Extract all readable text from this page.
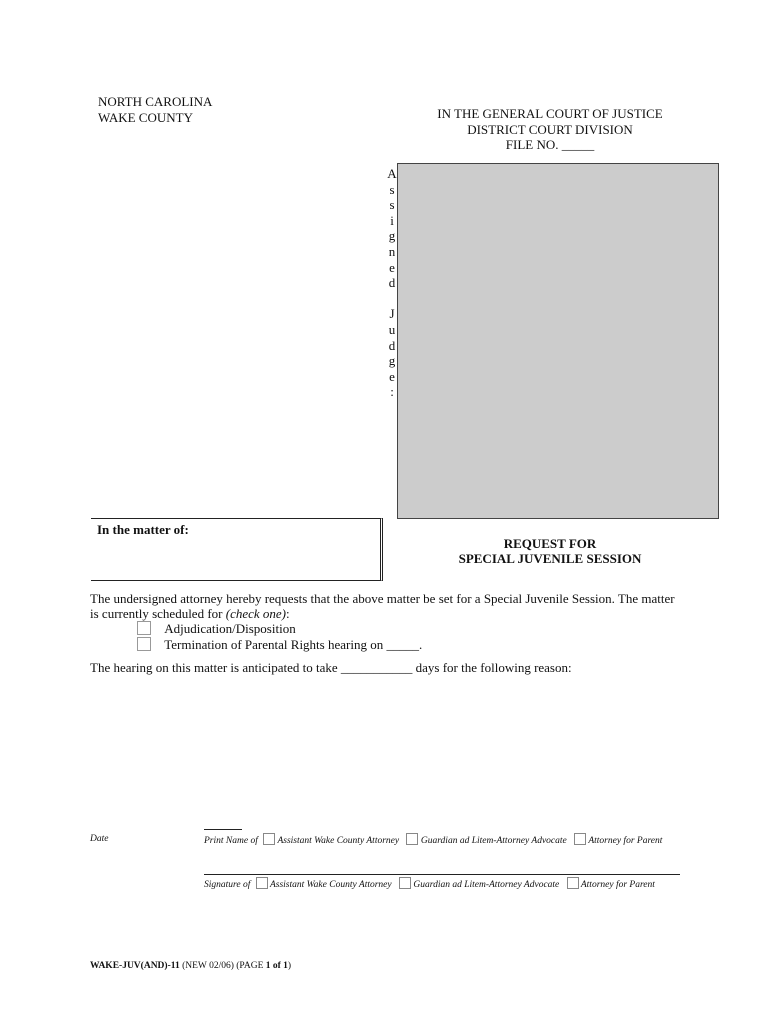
NORTH CAROLINA
WAKE COUNTY	IN THE GENERAL COURT OF JUSTICE
DISTRICT COURT DIVISION
FILE NO. _____
A
s
s
i
g
n
e
d

J
u
d
g
e
:
In the matter of:
REQUEST FOR
SPECIAL JUVENILE SESSION
The undersigned attorney hereby requests that the above matter be set for a Special Juvenile Session. The matter
is currently scheduled for (check one):
Adjudication/Disposition
Termination of Parental Rights hearing on _____.
The hearing on this matter is anticipated to take ___________ days for the following reason:
Date	Print Name of Assistant Wake County Attorney Guardian ad Litem-Attorney Advocate Attorney for Parent
Signature of Assistant Wake County Attorney Guardian ad Litem-Attorney Advocate Attorney for Parent
WAKE-JUV(AND)-11 (NEW 02/06) (PAGE 1 of 1)
